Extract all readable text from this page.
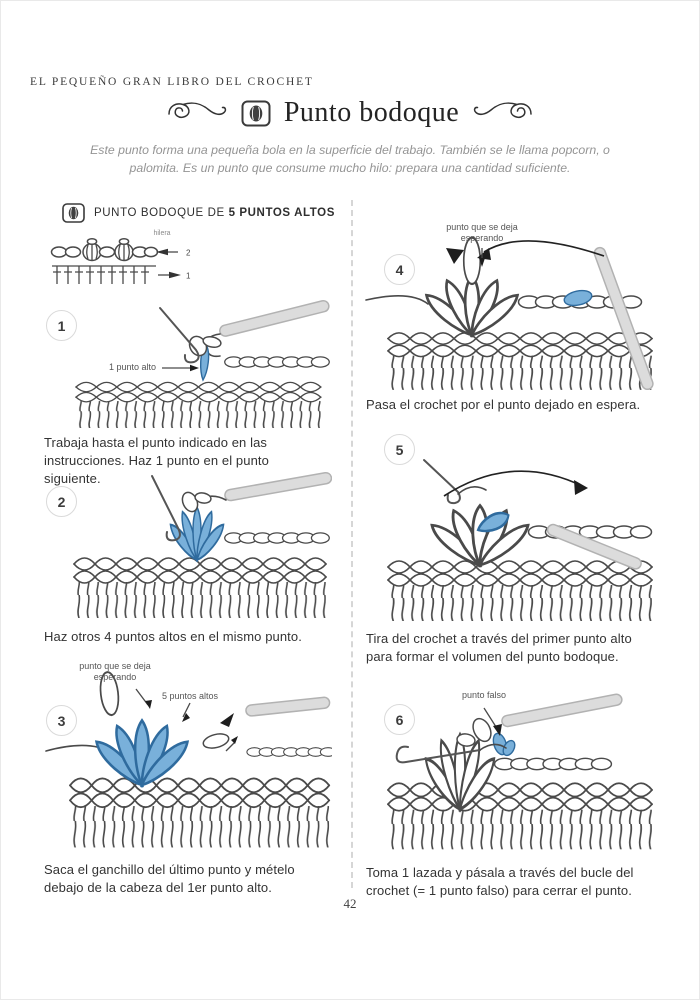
EL PEQUEÑO GRAN LIBRO DEL CROCHET
Punto bodoque

Este punto forma una pequeña bola en la superficie del trabajo. También se le llama popcorn, o palomita. Es un punto que consume mucho hilo: prepara una cantidad suficiente.

PUNTO BODOQUE DE 5 PUNTOS ALTOS
hilera
2
1
1
1 punto alto

Trabaja hasta el punto indicado en las instrucciones. Haz 1 punto en el punto siguiente.

2

Haz otros 4 puntos altos en el mismo punto.

3
punto que se deja esperando
5 puntos altos

Saca el ganchillo del último punto y mételo debajo de la cabeza del 1er punto alto.

4
punto que se deja esperando

Pasa el crochet por el punto dejado en espera.

5

Tira del crochet a través del primer punto alto para formar el volumen del punto bodoque.

6
punto falso

Toma 1 lazada y pásala a través del bucle del crochet (= 1 punto falso) para cerrar el punto.

42
